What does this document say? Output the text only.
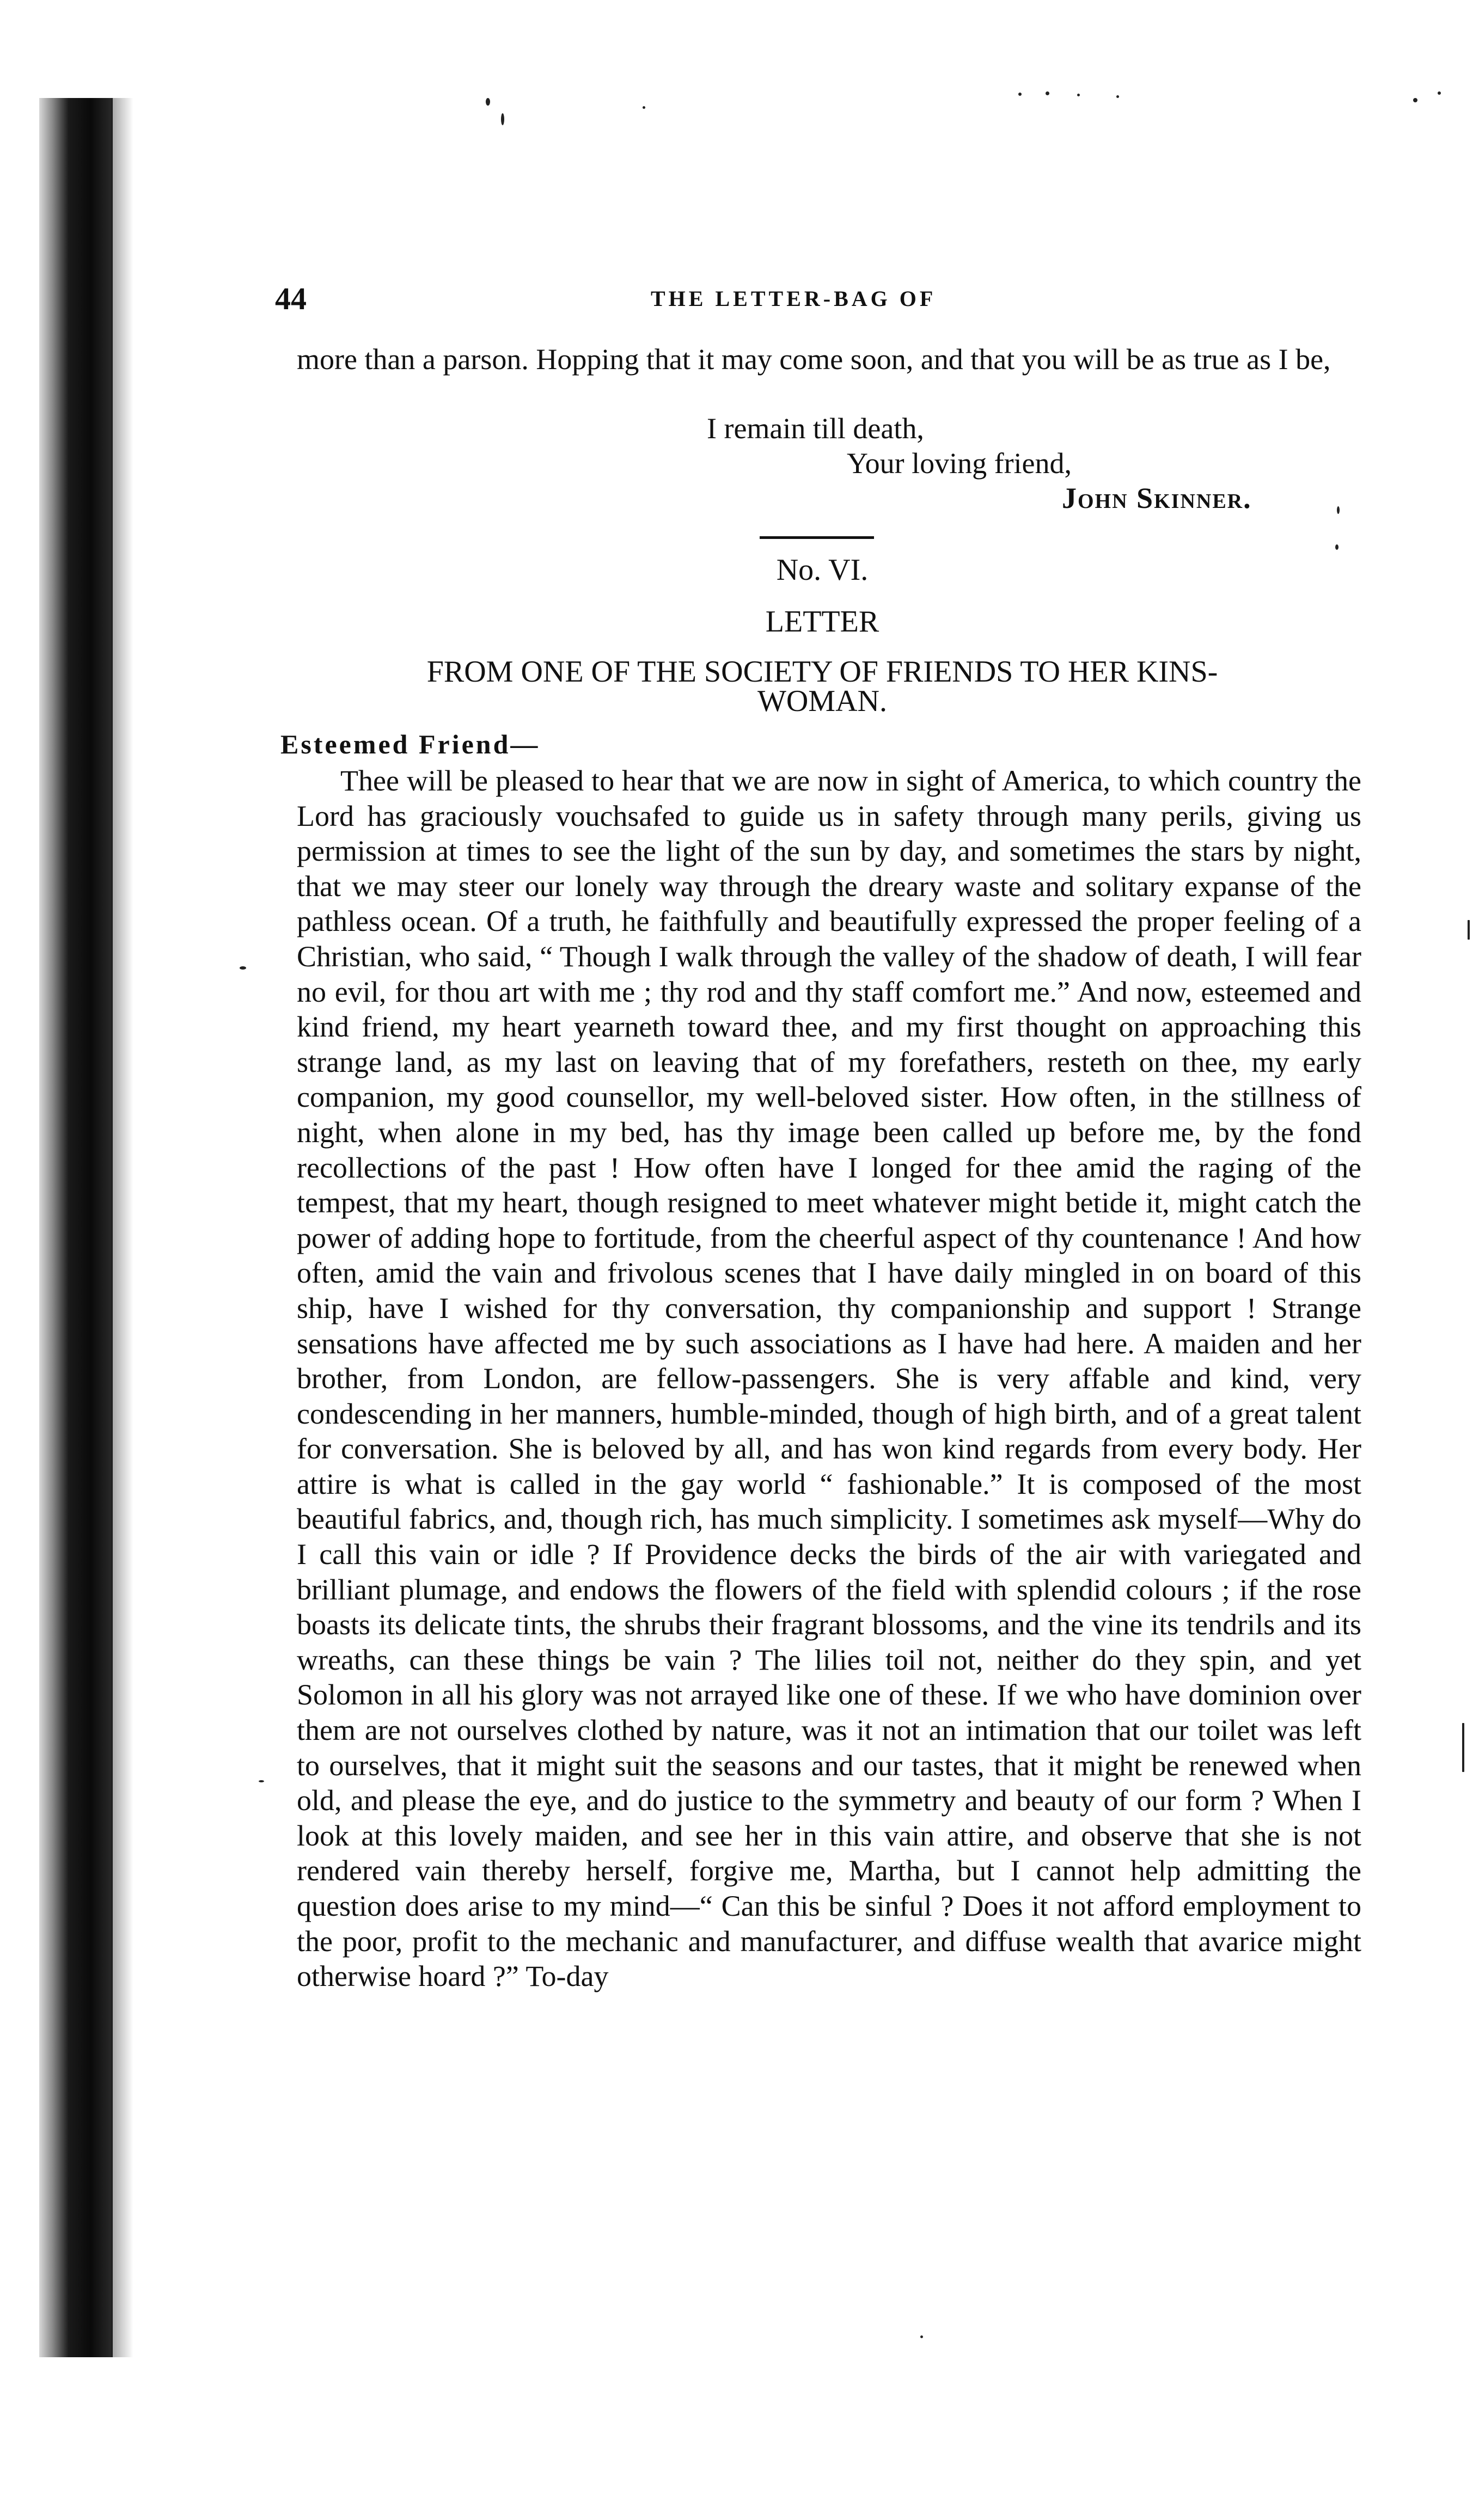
44	THE LETTER-BAG OF
more than a parson. Hopping that it may come soon, and that you will be as true as I be,
I remain till death,
Your loving friend,
John Skinner.
No. VI.
LETTER
FROM ONE OF THE SOCIETY OF FRIENDS TO HER KINS-
WOMAN.
Esteemed Friend—
Thee will be pleased to hear that we are now in sight of America, to which country the Lord has graciously vouchsafed to guide us in safety through many perils, giving us permission at times to see the light of the sun by day, and sometimes the stars by night, that we may steer our lonely way through the dreary waste and solitary expanse of the pathless ocean. Of a truth, he faithfully and beautifully expressed the proper feeling of a Christian, who said, “ Though I walk through the valley of the shadow of death, I will fear no evil, for thou art with me ; thy rod and thy staff comfort me.” And now, esteemed and kind friend, my heart yearneth toward thee, and my first thought on approaching this strange land, as my last on leaving that of my forefathers, resteth on thee, my early companion, my good counsellor, my well-beloved sister. How often, in the stillness of night, when alone in my bed, has thy image been called up before me, by the fond recollections of the past ! How often have I longed for thee amid the raging of the tempest, that my heart, though resigned to meet whatever might betide it, might catch the power of adding hope to fortitude, from the cheerful aspect of thy countenance ! And how often, amid the vain and frivolous scenes that I have daily mingled in on board of this ship, have I wished for thy conversation, thy companionship and support ! Strange sensations have affected me by such associations as I have had here. A maiden and her brother, from London, are fellow-passengers. She is very affable and kind, very condescending in her manners, humble-minded, though of high birth, and of a great talent for conversation. She is beloved by all, and has won kind regards from every body. Her attire is what is called in the gay world “ fashionable.” It is composed of the most beautiful fabrics, and, though rich, has much simplicity. I sometimes ask myself—Why do I call this vain or idle ? If Providence decks the birds of the air with variegated and brilliant plumage, and endows the flowers of the field with splendid colours ; if the rose boasts its delicate tints, the shrubs their fragrant blossoms, and the vine its tendrils and its wreaths, can these things be vain ? The lilies toil not, neither do they spin, and yet Solomon in all his glory was not arrayed like one of these. If we who have dominion over them are not ourselves clothed by nature, was it not an intimation that our toilet was left to ourselves, that it might suit the seasons and our tastes, that it might be renewed when old, and please the eye, and do justice to the symmetry and beauty of our form ? When I look at this lovely maiden, and see her in this vain attire, and observe that she is not rendered vain thereby herself, forgive me, Martha, but I cannot help admitting the question does arise to my mind—“ Can this be sinful ? Does it not afford employment to the poor, profit to the mechanic and manufacturer, and diffuse wealth that avarice might otherwise hoard ?” To-day
